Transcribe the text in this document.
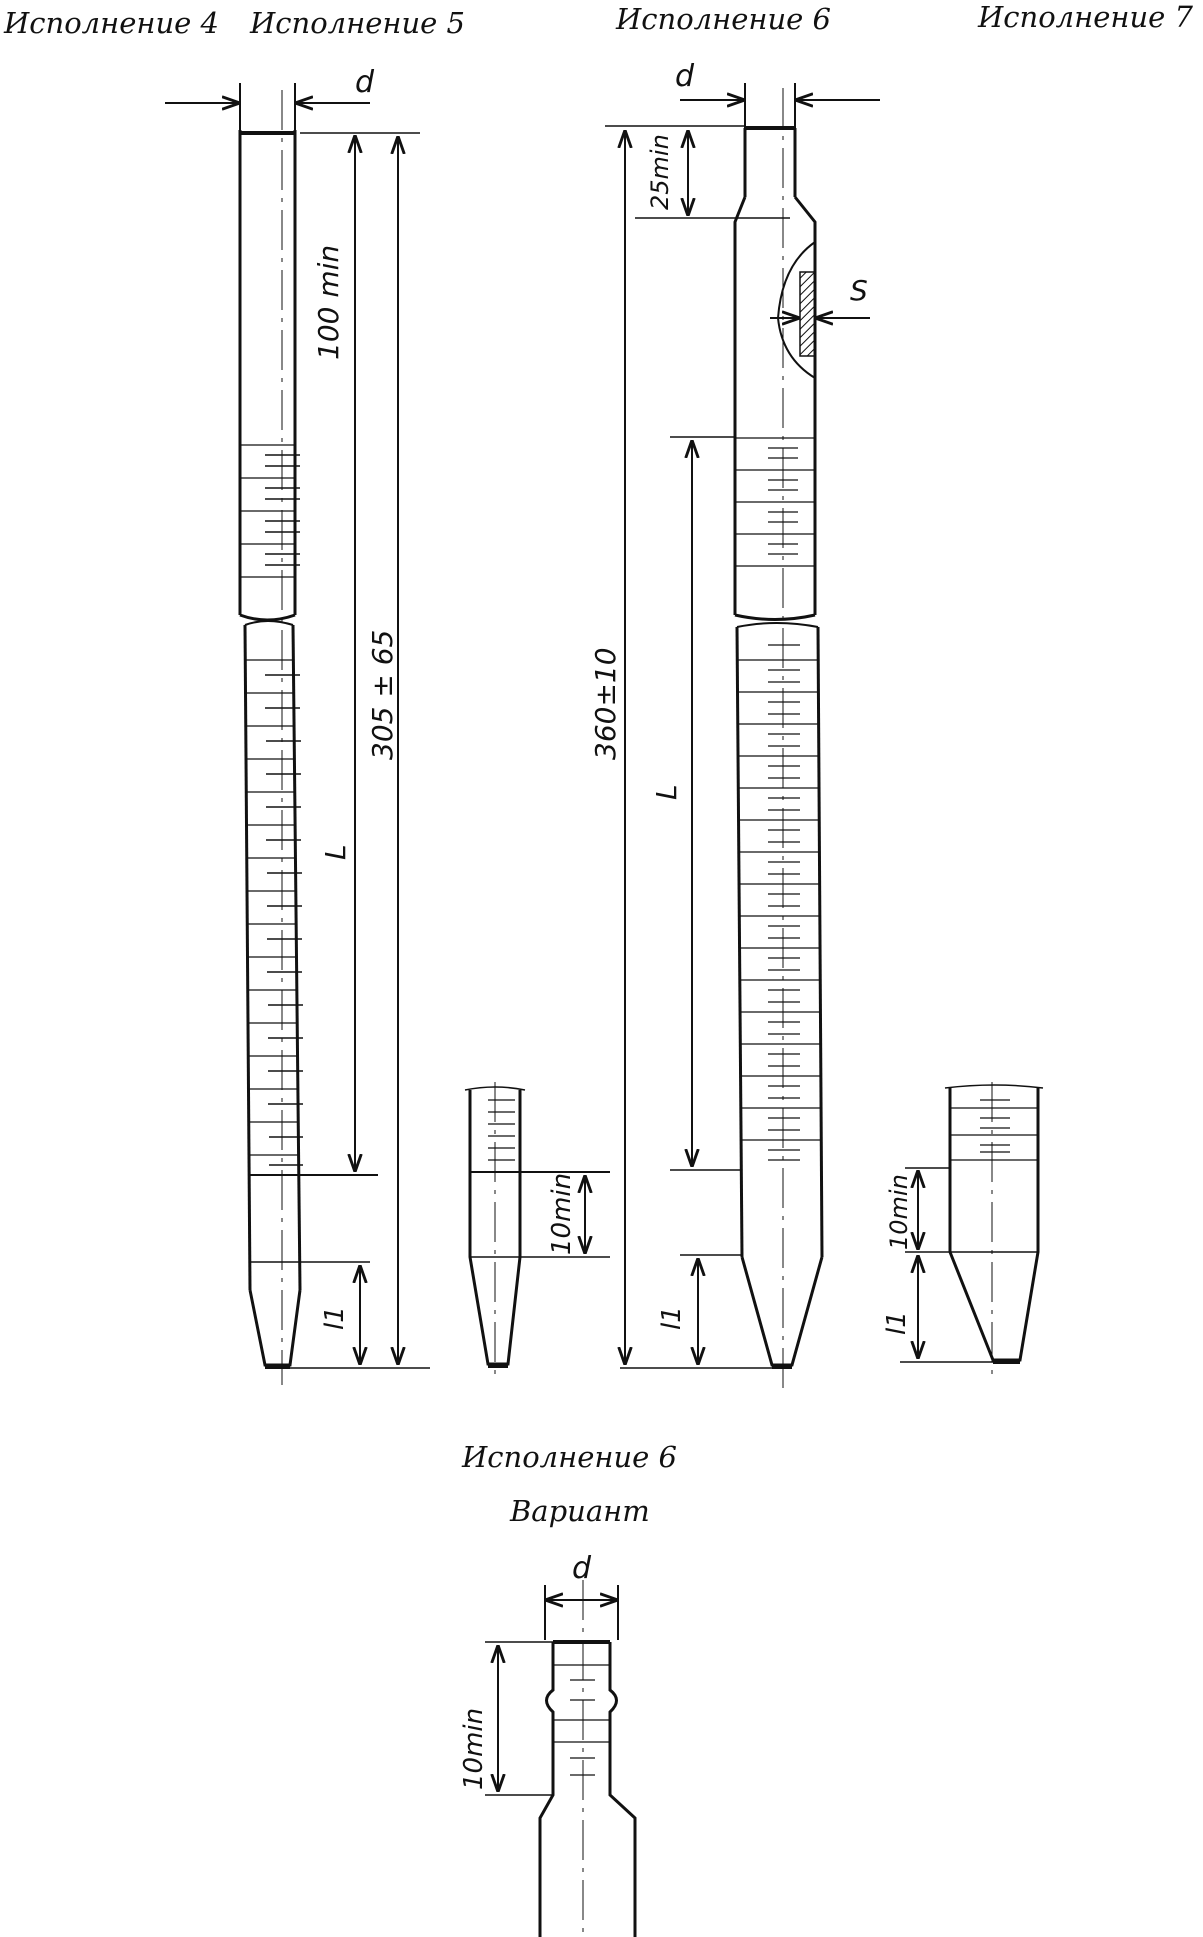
Исполнение 4 Исполнение 5	Исполнение 6	Исполнение 7
Исполнение 6
Вариант
d
100 min
305 ± 65
L
l1
10min
d
25min
S
360±10
L
l1
10min
l1
d
10min
